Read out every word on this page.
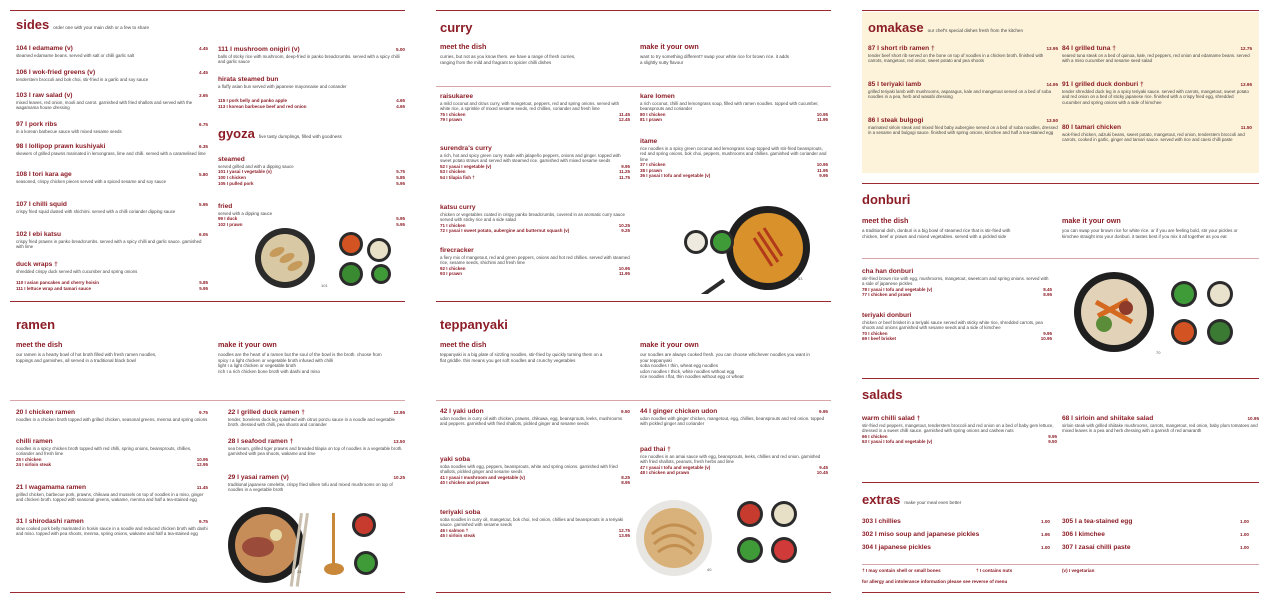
sides order one with your main dish or a few to share
104 I edamame (v)	4.45
steamed edamame beans. served with salt or chilli garlic salt
106 I wok-fried greens (v)	4.45
tenderstem broccoli and bok choi, stir-fried in a garlic and soy sauce
103 I raw salad (v)	3.65
mixed leaves, red onion, mooli and carrot. garnished with fried shallots and served with the wagamama house dressing
97 I pork ribs	6.75
in a korean barbecue sauce with mixed sesame seeds
98 I lollipop prawn kushiyaki	6.35
skewers of grilled prawns marinated in lemongrass, lime and chilli. served with a caramelised lime
108 I tori kara age	5.80
seasoned, crispy chicken pieces served with a spiced sesame and soy sauce
107 I chilli squid	5.95
crispy fried squid dusted with shichimi. served with a chilli coriander dipping sauce
102 I ebi katsu	6.05
crispy fried prawns in panko breadcrumbs. served with a spicy chilli and garlic sauce. garnished with lime
duck wraps †
shredded crispy duck served with cucumber and spring onions
110 I asian pancakes and cherry hoisin	5.85
111 I lettuce wrap and tamari sauce	5.95
111 I mushroom onigiri (v)	5.00
balls of sticky rice with mushroom, deep-fried in panko breadcrumbs. served with a spicy chilli and garlic sauce
hirata steamed bun
a fluffy asian bun served with japanese mayonnaise and coriander
115 I pork belly and panko apple	4.65
113 I korean barbecue beef and red onion	4.65
gyoza five tasty dumplings, filled with goodness
steamed
served grilled and with a dipping sauce
101 I yasai I vegetable (v)	5.75
100 I chicken	5.85
105 I pulled pork	5.95
fried
served with a dipping sauce
99 I duck	5.95
102 I prawn	5.95
ramen
meet the dish
our ramen is a hearty bowl of hot broth filled with fresh ramen noodles, toppings and garnishes, all served in a traditional black bowl
make it your own
noodles are the heart of a ramen but the soul of the bowl is the broth. choose from
spicy I a light chicken or vegetable broth infused with chilli
light I a light chicken or vegetable broth
rich I a rich chicken bone broth with dashi and miso
20 I chicken ramen	9.75
noodles in a chicken broth topped with grilled chicken, seasonal greens, menma and spring onions
chilli ramen
noodles in a spicy chicken broth topped with red chilli, spring onions, beansprouts, chillies, coriander and fresh lime
25 I chicken	10.95
24 I sirloin steak	12.95
21 I wagamama ramen	11.45
grilled chicken, barbecue pork, prawns, chikuwa and mussels on top of noodles in a miso, ginger and chicken broth. topped with seasonal greens, wakame, menma and half a tea-stained egg
31 I shirodashi ramen	9.75
slow cooked pork belly marinated in hoisin sauce in a noodle and reduced chicken broth with dashi and miso. topped with pea shoots, menma, spring onions, wakame and half a tea-stained egg
22 I grilled duck ramen †	12.95
tender, boneless duck leg splashed with citrus ponzu sauce in a noodle and vegetable broth. dressed with chilli, pea shoots and coriander
28 I seafood ramen †	13.50
sea bream, grilled tiger prawns and breaded tilapia on top of noodles in a vegetable broth. garnished with pea shoots, wakame and lime
29 I yasai ramen (v)	10.25
traditional japanese omelette, crispy fried silken tofu and mixed mushrooms on top of noodles in a vegetable broth
101
24
curry
meet the dish
curries, but not as you know them. we have a range of fresh curries, ranging from the mild and fragrant to spicier chilli dishes
make it your own
want to try something different? swap your white rice for brown rice. it adds a slightly nutty flavour
raisukaree
a mild coconut and citrus curry, with mangetout, peppers, red and spring onions. served with white rice, a sprinkle of mixed sesame seeds, red chillies, coriander and fresh lime
75 I chicken	11.45
79 I prawn	12.45
surendra's curry
a rich, hot and spicy green curry made with jalapeño peppers, onions and ginger. topped with sweet potato straws and served with steamed rice. garnished with mixed sesame seeds
52 I yasai I vegetable (v)	9.95
53 I chicken	11.25
54 I tilapia fish †	11.75
katsu curry
chicken or vegetables coated in crispy panko breadcrumbs, covered in an aromatic curry sauce served with sticky rice and a side salad
71 I chicken	10.25
72 I yasai I sweet potato, aubergine and butternut squash (v)	9.25
firecracker
a fiery mix of mangetout, red and green peppers, onions and hot red chillies. served with steamed rice, sesame seeds, shichimi and fresh lime
92 I chicken	10.95
93 I prawn	11.95
kare lomen
a rich coconut, chilli and lemongrass soup, filled with ramen noodles. topped with cucumber, beansprouts and coriander
80 I chicken	10.95
81 I prawn	11.95
itame
rice noodles in a spicy green coconut and lemongrass soup topped with stir-fried beansprouts, red and spring onions, bok choi, peppers, mushrooms and chillies. garnished with coriander and lime
37 I chicken	10.95
38 I prawn	11.95
36 I yasai I tofu and vegetable (v)	9.95
53
teppanyaki
meet the dish
teppanyaki is a big plate of sizzling noodles, stir-fried by quickly turning them on a flat griddle. this means you get soft noodles and crunchy vegetables
make it your own
our noodles are always cooked fresh. you can choose whichever noodles you want in your teppanyaki
soba noodles I thin, wheat egg noodles
udon noodles I thick, white noodles without egg
rice noodles I flat, thin noodles without egg or wheat
42 I yaki udon	9.50
udon noodles in curry oil with chicken, prawns, chikuwa, egg, beansprouts, leeks, mushrooms and peppers. garnished with fried shallots, pickled ginger and sesame seeds
yaki soba
soba noodles with egg, peppers, beansprouts, white and spring onions. garnished with fried shallots, pickled ginger and sesame seeds
41 I yasai I mushroom and vegetable (v)	8.25
40 I chicken and prawn	8.95
teriyaki soba
soba noodles in curry oil, mangetout, bok choi, red onion, chillies and beansprouts in a teriyaki sauce. garnished with sesame seeds
46 I salmon †	12.75
45 I sirloin steak	13.95
44 I ginger chicken udon	9.95
udon noodles with ginger chicken, mangetout, egg, chillies, beansprouts and red onion. topped with pickled ginger and coriander
pad thai †
rice noodles in an amai sauce with egg, beansprouts, leeks, chillies and red onion. garnished with fried shallots, peanuts, fresh herbs and lime
47 I yasai I tofu and vegetable (v)	9.45
48 I chicken and prawn	10.45
40
omakase our chef's special dishes fresh from the kitchen
87 I short rib ramen †	13.95
tender beef short rib served on the bone on top of noodles in a chicken broth. finished with carrots, mangetout, red onion, sweet potato and pea shoots
85 I teriyaki lamb	14.95
grilled teriyaki lamb with mushrooms, asparagus, kale and mangetout served on a bed of soba noodles in a pea, herb and wasabi dressing
86 I steak bulgogi	13.50
marinated sirloin steak and mixed fried baby aubergine served on a bed of soba noodles, dressed in a sesame and bulgogi sauce. finished with spring onions, kimchee and half a tea-stained egg
84 I grilled tuna †	12.75
seared tuna steak on a bed of quinoa, kale, red peppers, red onion and edamame beans. served with a miso cucumber and sesame seed salad
91 I grilled duck donburi †	13.95
tender shredded duck leg in a spicy teriyaki sauce. served with carrots, mangetout, sweet potato and red onion on a bed of sticky japanese rice. finished with a crispy fried egg, shredded cucumber and spring onions with a side of kimchee
80 I tamari chicken	11.50
wok-fried chicken, adzuki beans, sweet potato, mangetout, red onion, tenderstem broccoli and carrots, cooked in garlic, ginger and tamari sauce. served with rice and caesi chilli paste
donburi
meet the dish
a traditional dish, donburi is a big bowl of steamed rice that is stir-fried with chicken, beef or prawn and mixed vegetables. served with a pickled side
make it your own
you can swap your brown rice for white rice. or if you are feeling bold, stir your pickles or kimchee straight into your donburi. it tastes best if you mix it all together as you eat
cha han donburi
stir-fried brown rice with egg, mushrooms, mangetout, sweetcorn and spring onions. served with a side of japanese pickles
78 I yasai I tofu and vegetable (v)	8.45
77 I chicken and prawn	8.95
teriyaki donburi
chicken or beef brisket in a teriyaki sauce served with sticky white rice, shredded carrots, pea shoots and onions garnished with sesame seeds and a side of kimchee
70 I chicken	9.95
69 I beef brisket	10.95
70
salads
warm chilli salad †
stir-fried red peppers, mangetout, tenderstem broccoli and red onion on a bed of baby gem lettuce, dressed in a sweet chilli sauce. garnished with spring onions and cashew nuts
66 I chicken	9.95
63 I yasai I tofu and vegetable (v)	9.50
68 I sirloin and shiitake salad	10.95
sirloin steak with grilled shiitake mushrooms, carrots, mangetout, red onion, baby plum tomatoes and mixed leaves in a pea and herb dressing with a garnish of red amaranth
extras make your meal even better
303 I chillies	1.00
302 I miso soup and japanese pickles	1.95
304 I japanese pickles	1.00
305 I a tea-stained egg	1.00
306 I kimchee	1.00
307 I zasai chilli paste	1.00
† I may contain shell or small bones	† I contains nuts	(v) I vegetarian
for allergy and intolerance information please see reverse of menu
